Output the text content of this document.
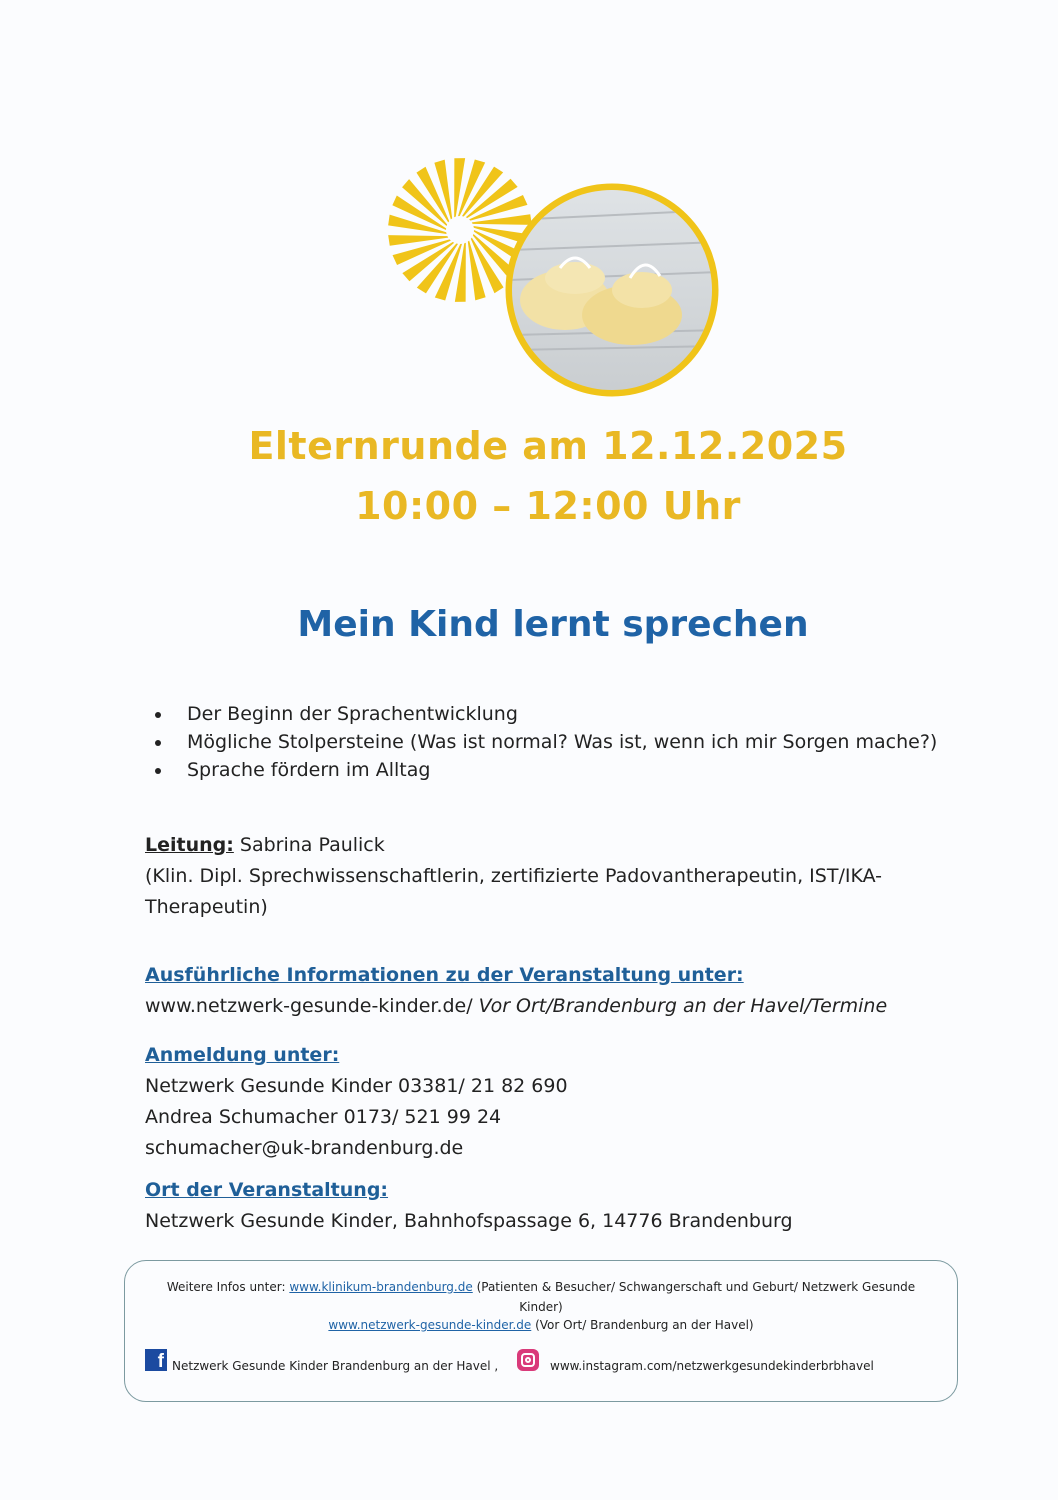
Elternrunde am 12.12.2025
10:00 – 12:00 Uhr
Mein Kind lernt sprechen
Der Beginn der Sprachentwicklung
Mögliche Stolpersteine (Was ist normal? Was ist, wenn ich mir Sorgen mache?)
Sprache fördern im Alltag
Leitung: Sabrina Paulick
(Klin. Dipl. Sprechwissenschaftlerin, zertifizierte Padovantherapeutin, IST/IKA-
Therapeutin)
Ausführliche Informationen zu der Veranstaltung unter:
www.netzwerk-gesunde-kinder.de/ Vor Ort/Brandenburg an der Havel/Termine
Anmeldung unter:
Netzwerk Gesunde Kinder 03381/ 21 82 690
Andrea Schumacher 0173/ 521 99 24
schumacher@uk-brandenburg.de
Ort der Veranstaltung:
Netzwerk Gesunde Kinder, Bahnhofspassage 6, 14776 Brandenburg
Weitere Infos unter: www.klinikum-brandenburg.de (Patienten & Besucher/ Schwangerschaft und Geburt/ Netzwerk Gesunde Kinder)
www.netzwerk-gesunde-kinder.de (Vor Ort/ Brandenburg an der Havel)
f Netzwerk Gesunde Kinder Brandenburg an der Havel ,	www.instagram.com/netzwerkgesundekinderbrbhavel
